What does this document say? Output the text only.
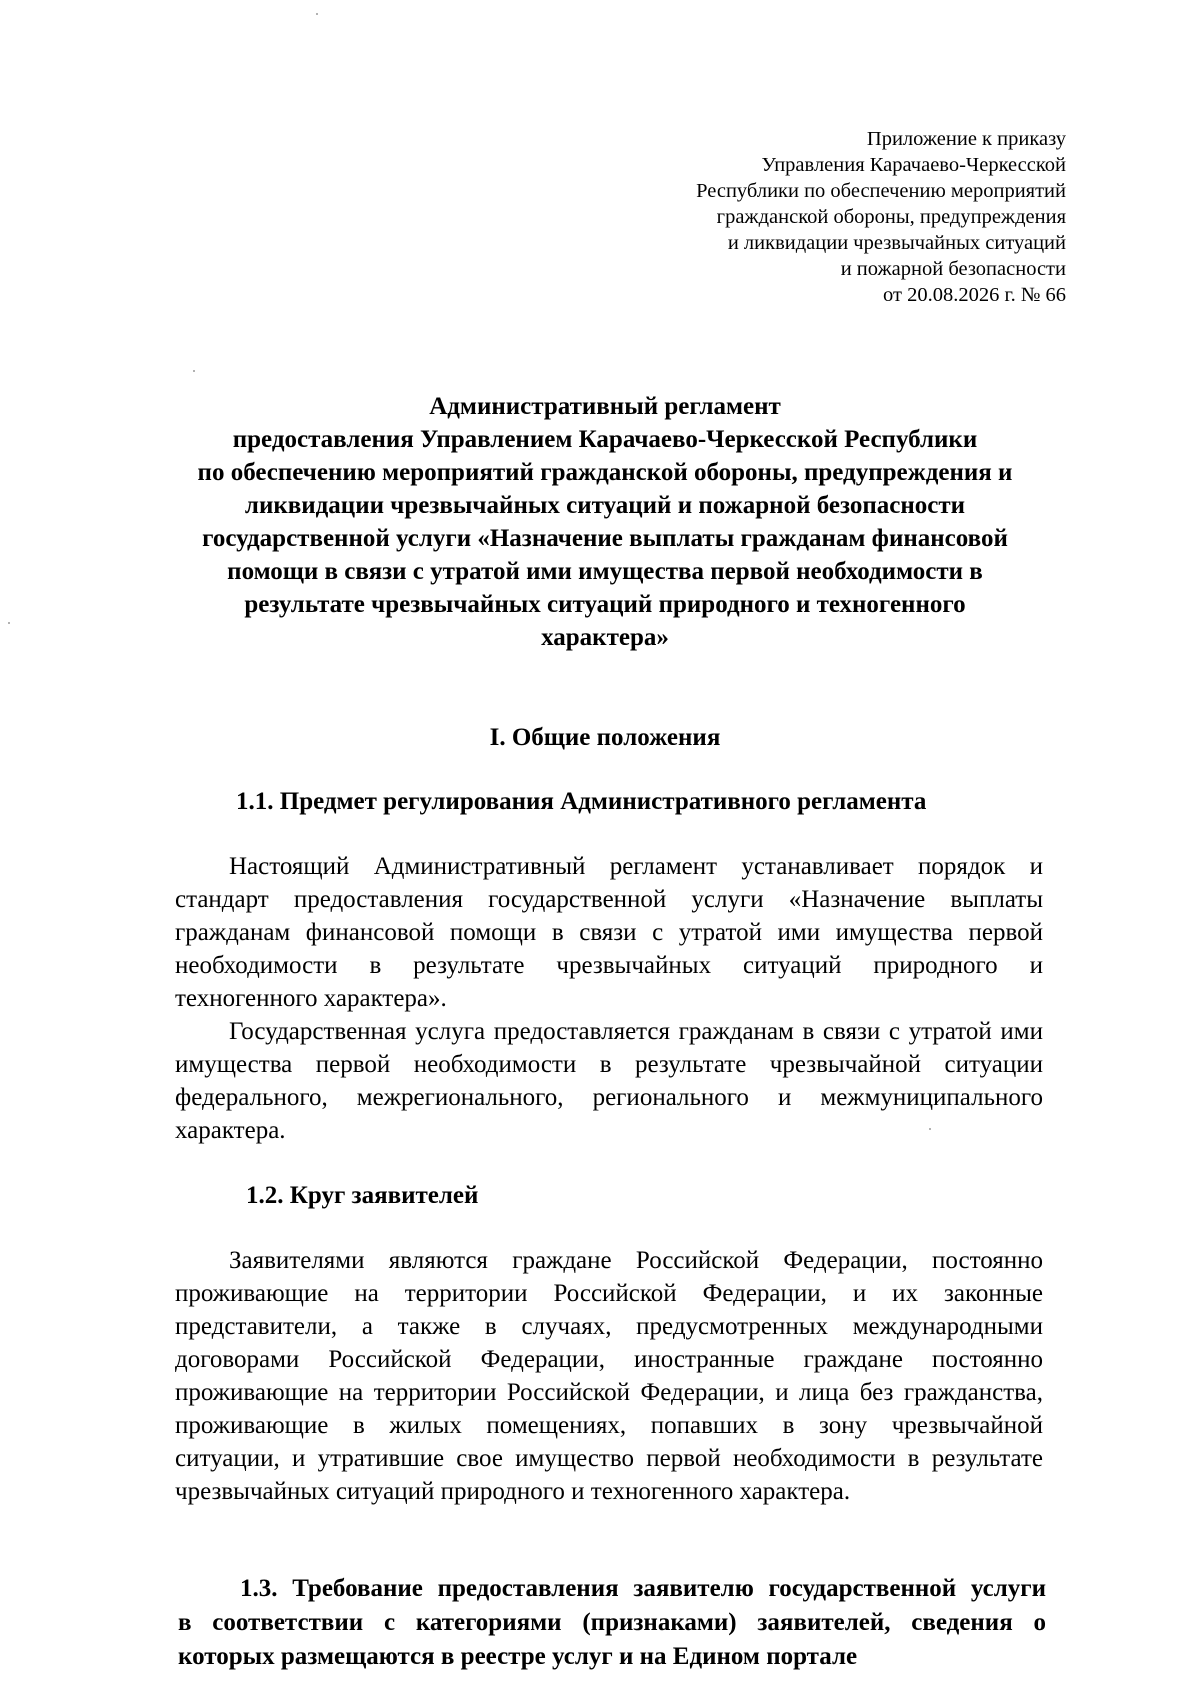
Приложение к приказу
Управления Карачаево-Черкесской
Республики по обеспечению мероприятий
гражданской обороны, предупреждения
и ликвидации чрезвычайных ситуаций
и пожарной безопасности
от 20.08.2026 г. № 66
Административный регламент
предоставления Управлением Карачаево-Черкесской Республики
по обеспечению мероприятий гражданской обороны, предупреждения и
ликвидации чрезвычайных ситуаций и пожарной безопасности
государственной услуги «Назначение выплаты гражданам финансовой
помощи в связи с утратой ими имущества первой необходимости в
результате чрезвычайных ситуаций природного и техногенного
характера»
I. Общие положения
1.1. Предмет регулирования Административного регламента
Настоящий Административный регламент устанавливает порядок и
стандарт предоставления государственной услуги «Назначение выплаты
гражданам финансовой помощи в связи с утратой ими имущества первой
необходимости в результате чрезвычайных ситуаций природного и
техногенного характера».
Государственная услуга предоставляется гражданам в связи с утратой ими
имущества первой необходимости в результате чрезвычайной ситуации
федерального, межрегионального, регионального и межмуниципального
характера.
1.2. Круг заявителей
Заявителями являются граждане Российской Федерации, постоянно
проживающие на территории Российской Федерации, и их законные
представители, а также в случаях, предусмотренных международными
договорами Российской Федерации, иностранные граждане постоянно
проживающие на территории Российской Федерации, и лица без гражданства,
проживающие в жилых помещениях, попавших в зону чрезвычайной
ситуации, и утратившие свое имущество первой необходимости в результате
чрезвычайных ситуаций природного и техногенного характера.
1.3. Требование предоставления заявителю государственной услуги
в соответствии с категориями (признаками) заявителей, сведения о
которых размещаются в реестре услуг и на Едином портале
